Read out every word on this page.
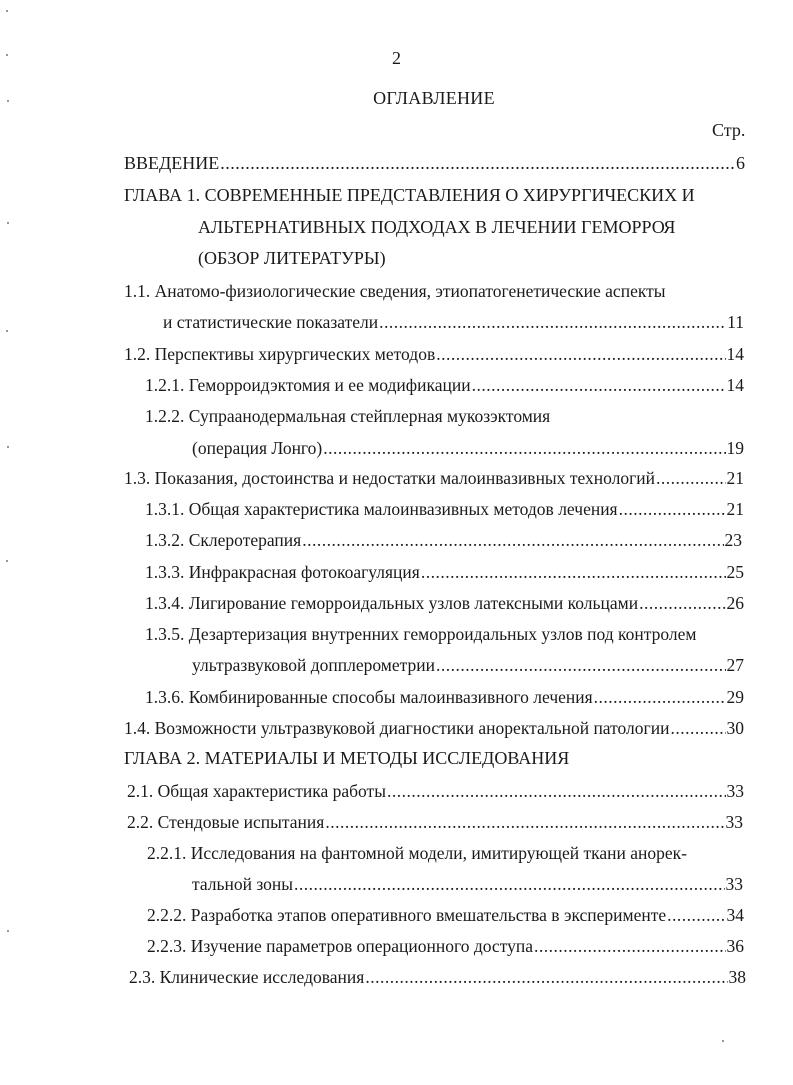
2
ОГЛАВЛЕНИЕ
Стр.
ВВЕДЕНИЕ .....	6
ГЛАВА 1. СОВРЕМЕННЫЕ ПРЕДСТАВЛЕНИЯ О ХИРУРГИЧЕСКИХ И
АЛЬТЕРНАТИВНЫХ ПОДХОДАХ В ЛЕЧЕНИИ ГЕМОРРОЯ
(ОБЗОР ЛИТЕРАТУРЫ)
1.1. Анатомо-физиологические сведения, этиопатогенетические аспекты
и статистические показатели .....	11
1.2. Перспективы хирургических методов .....	14
1.2.1. Геморроидэктомия и ее модификации .....	14
1.2.2. Супраанодермальная стейплерная мукозэктомия
(операция Лонго) .....	19
1.3. Показания, достоинства и недостатки малоинвазивных технологий .....	21
1.3.1. Общая характеристика малоинвазивных методов лечения .....	21
1.3.2. Склеротерапия .....	23
1.3.3. Инфракрасная фотокоагуляция .....	25
1.3.4. Лигирование геморроидальных узлов латексными кольцами .....	26
1.3.5. Дезартеризация внутренних геморроидальных узлов под контролем
ультразвуковой допплерометрии .....	27
1.3.6. Комбинированные способы малоинвазивного лечения .....	29
1.4. Возможности ультразвуковой диагностики аноректальной патологии .....	30
ГЛАВА 2. МАТЕРИАЛЫ И МЕТОДЫ ИССЛЕДОВАНИЯ
2.1. Общая характеристика работы .....	33
2.2. Стендовые испытания .....	33
2.2.1. Исследования на фантомной модели, имитирующей ткани анорек-
тальной зоны .....	33
2.2.2. Разработка этапов оперативного вмешательства в эксперименте .....	34
2.2.3. Изучение параметров операционного доступа .....	36
2.3. Клинические исследования .....	38
